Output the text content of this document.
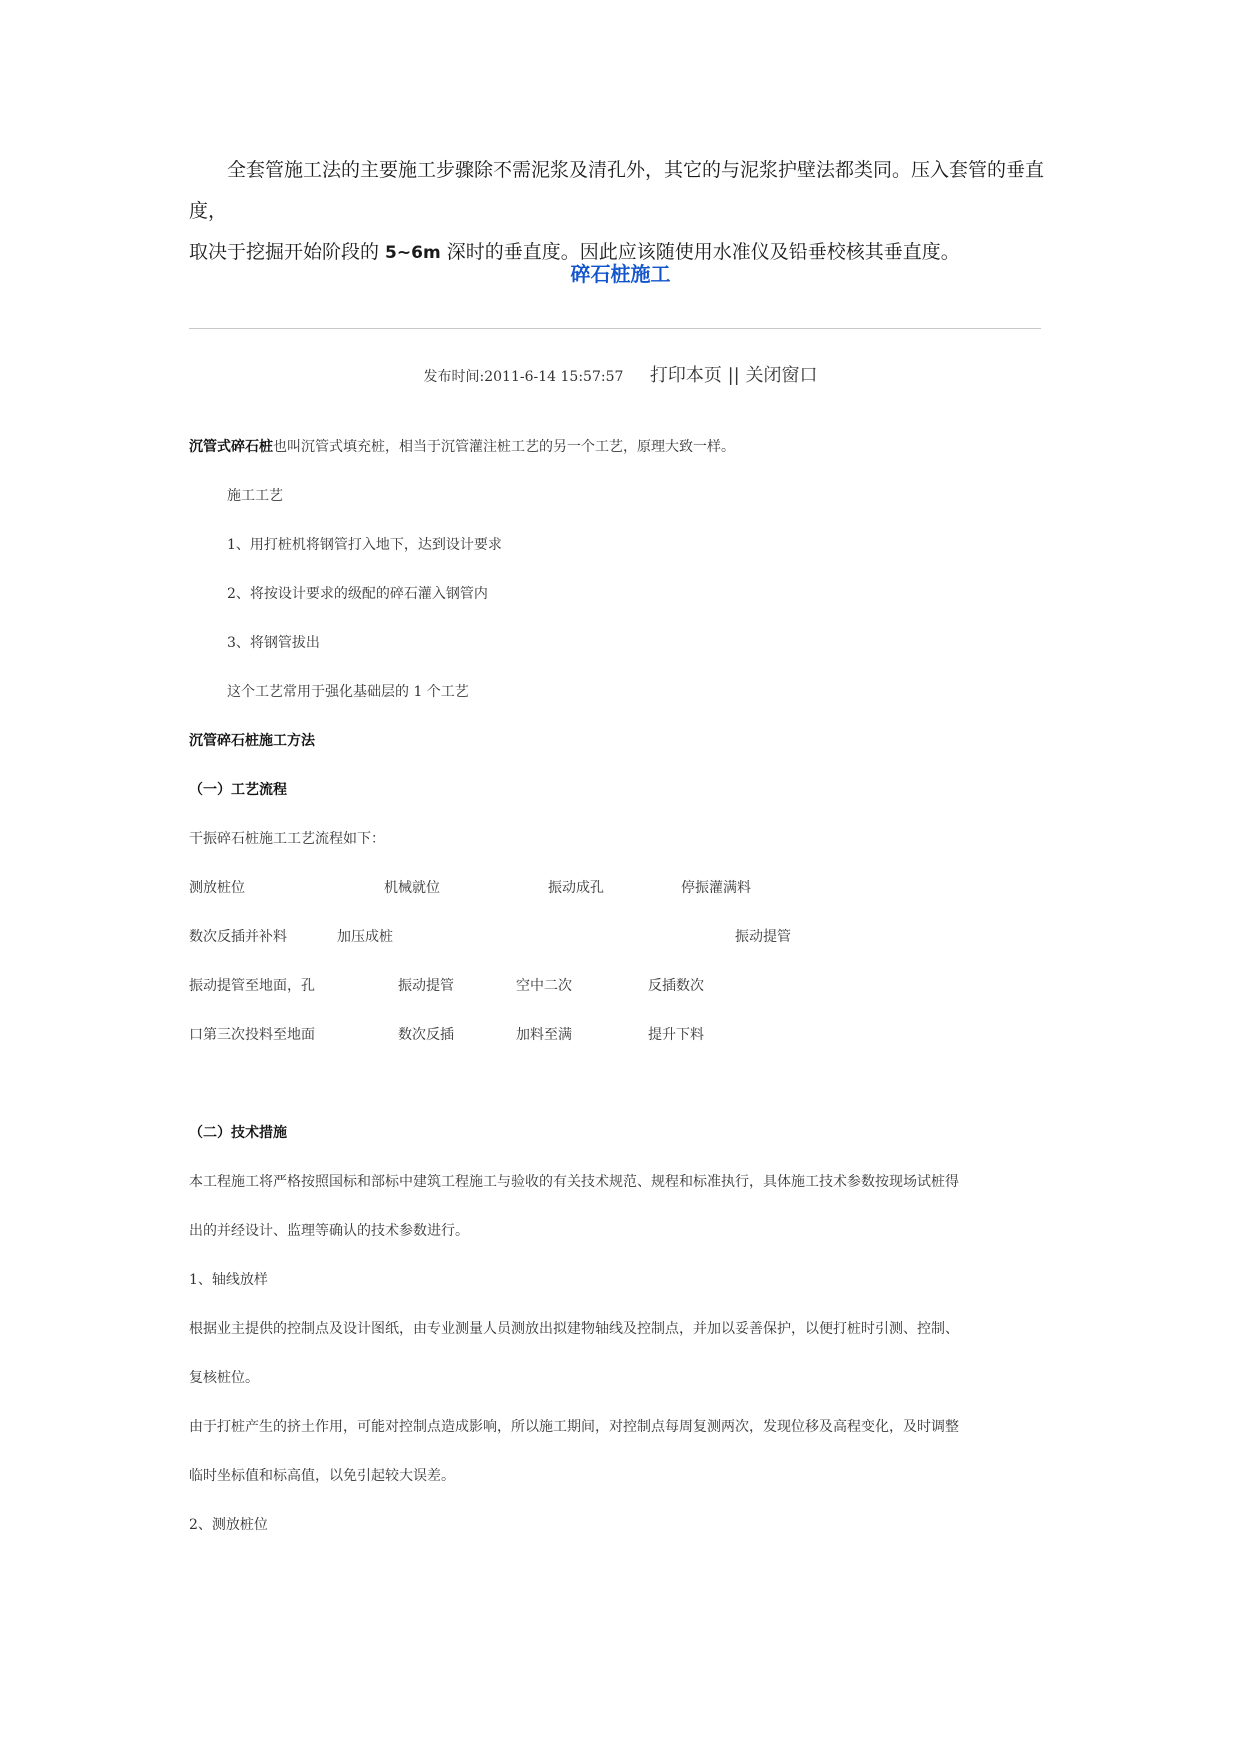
全套管施工法的主要施工步骤除不需泥浆及清孔外，其它的与泥浆护壁法都类同。压入套管的垂直度，

取决于挖掘开始阶段的 5~6m 深时的垂直度。因此应该随使用水准仪及铅垂校核其垂直度。

碎石桩施工
发布时间:2011-6-14 15:57:57 打印本页 || 关闭窗口
沉管式碎石桩也叫沉管式填充桩，相当于沉管灌注桩工艺的另一个工艺，原理大致一样。
施工工艺
1、用打桩机将钢管打入地下，达到设计要求
2、将按设计要求的级配的碎石灌入钢管内
3、将钢管拔出
这个工艺常用于强化基础层的 1 个工艺
沉管碎石桩施工方法
（一）工艺流程
干振碎石桩施工工艺流程如下：
测放桩位	机械就位	振动成孔	停振灌满料
数次反插并补料	加压成桩	振动提管
振动提管至地面，孔	振动提管	空中二次	反插数次
口第三次投料至地面	数次反插	加料至满	提升下料
（二）技术措施
本工程施工将严格按照国标和部标中建筑工程施工与验收的有关技术规范、规程和标准执行，具体施工技术参数按现场试桩得
出的并经设计、监理等确认的技术参数进行。
1、轴线放样
根据业主提供的控制点及设计图纸，由专业测量人员测放出拟建物轴线及控制点，并加以妥善保护，以便打桩时引测、控制、
复核桩位。
由于打桩产生的挤土作用，可能对控制点造成影响，所以施工期间，对控制点每周复测两次，发现位移及高程变化，及时调整
临时坐标值和标高值，以免引起较大误差。
2、测放桩位
